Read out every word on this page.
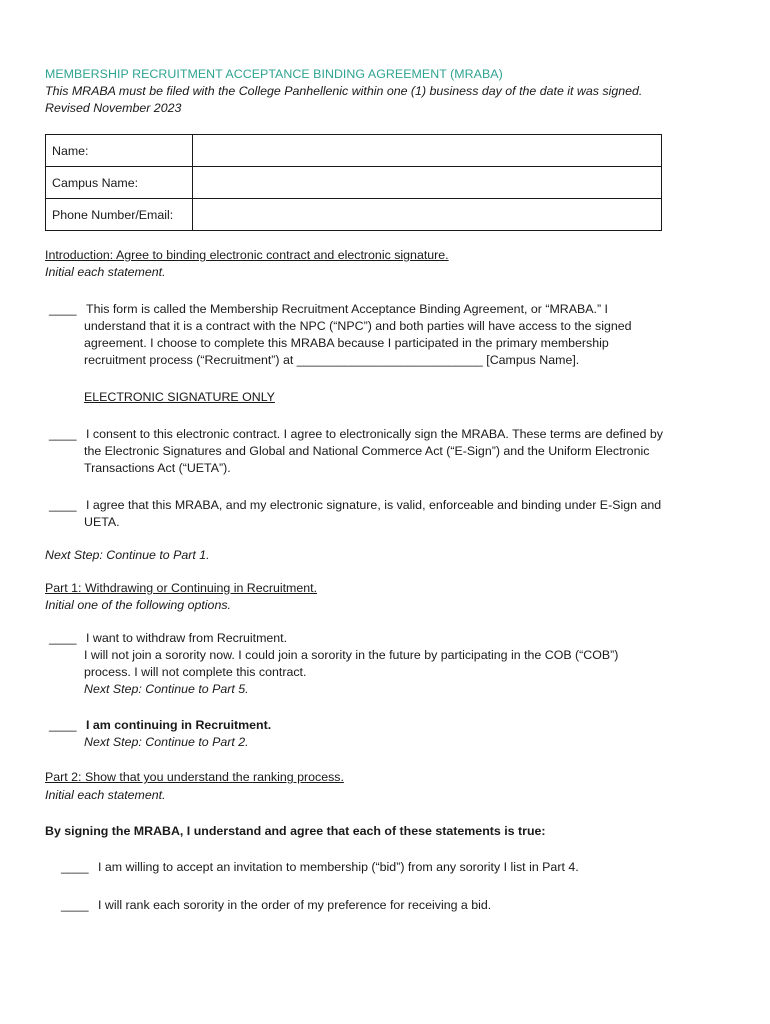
MEMBERSHIP RECRUITMENT ACCEPTANCE BINDING AGREEMENT (MRABA)
This MRABA must be filed with the College Panhellenic within one (1) business day of the date it was signed.
Revised November 2023
Name:	
Campus Name:	
Phone Number/Email:	
Introduction: Agree to binding electronic contract and electronic signature.
Initial each statement.
____ This form is called the Membership Recruitment Acceptance Binding Agreement, or “MRABA.” I
understand that it is a contract with the NPC (“NPC”) and both parties will have access to the signed
agreement. I choose to complete this MRABA because I participated in the primary membership
recruitment process (“Recruitment”) at ___________________________ [Campus Name].
ELECTRONIC SIGNATURE ONLY
____ I consent to this electronic contract. I agree to electronically sign the MRABA. These terms are defined by
the Electronic Signatures and Global and National Commerce Act (“E-Sign”) and the Uniform Electronic
Transactions Act (“UETA”).
____ I agree that this MRABA, and my electronic signature, is valid, enforceable and binding under E-Sign and
UETA.
Next Step: Continue to Part 1.
Part 1: Withdrawing or Continuing in Recruitment.
Initial one of the following options.
____ I want to withdraw from Recruitment.
I will not join a sorority now. I could join a sorority in the future by participating in the COB (“COB”)
process. I will not complete this contract.
Next Step: Continue to Part 5.
____ I am continuing in Recruitment.
Next Step: Continue to Part 2.
Part 2: Show that you understand the ranking process.
Initial each statement.
By signing the MRABA, I understand and agree that each of these statements is true:
____ I am willing to accept an invitation to membership (“bid”) from any sorority I list in Part 4.
____ I will rank each sorority in the order of my preference for receiving a bid.
